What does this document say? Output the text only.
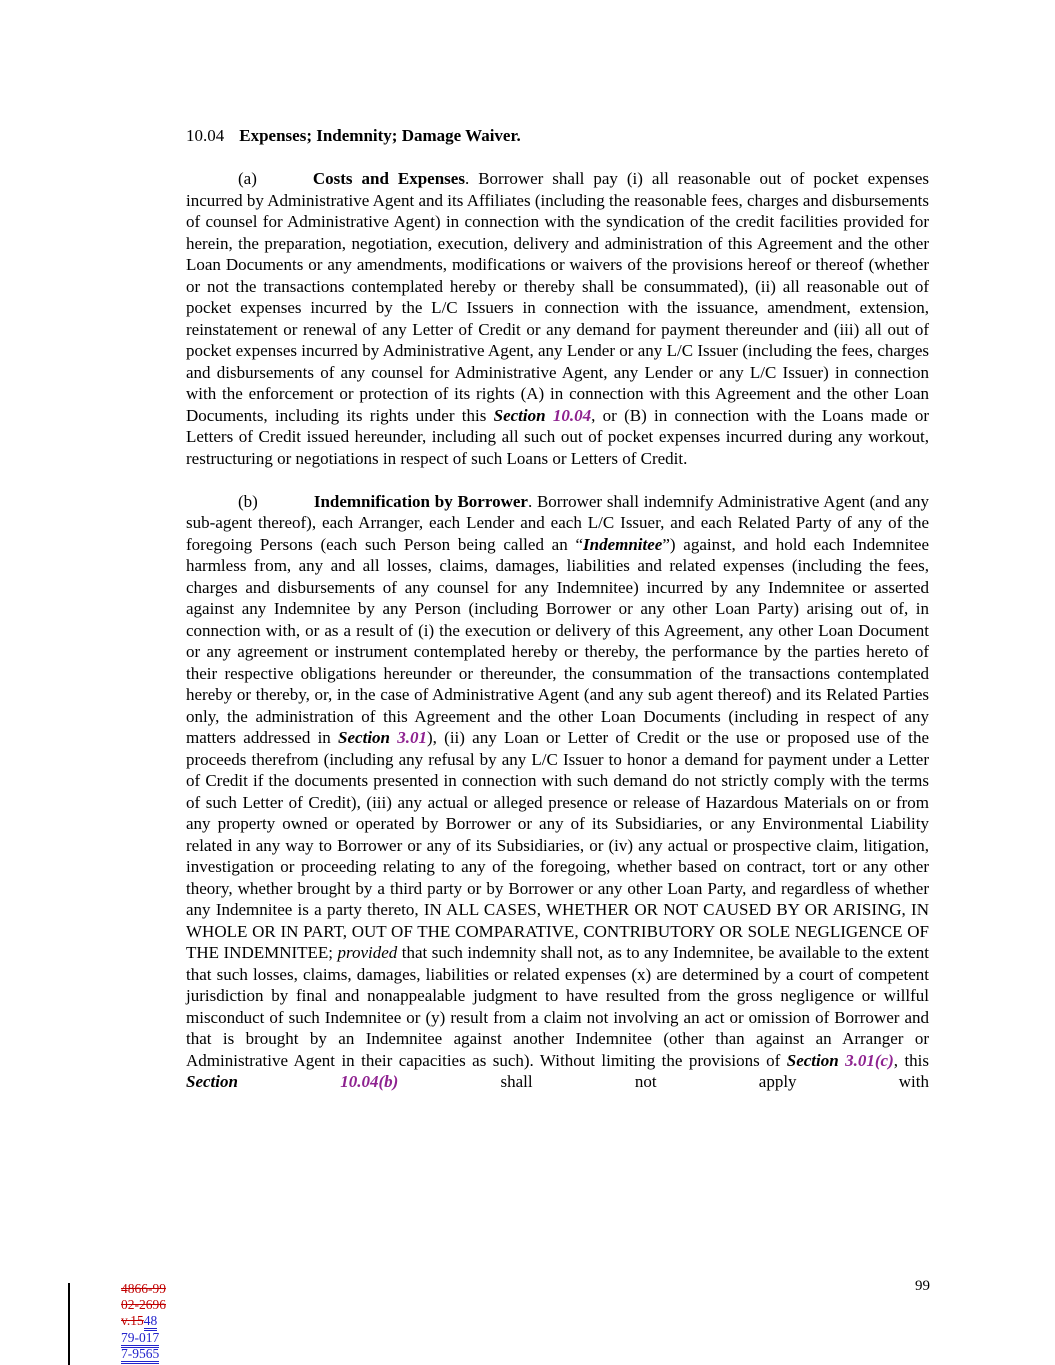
10.04 Expenses; Indemnity; Damage Waiver.

(a)	Costs and Expenses. Borrower shall pay (i) all reasonable out of pocket expenses incurred by Administrative Agent and its Affiliates (including the reasonable fees, charges and disbursements of counsel for Administrative Agent) in connection with the syndication of the credit facilities provided for herein, the preparation, negotiation, execution, delivery and administration of this Agreement and the other Loan Documents or any amendments, modifications or waivers of the provisions hereof or thereof (whether or not the transactions contemplated hereby or thereby shall be consummated), (ii) all reasonable out of pocket expenses incurred by the L/C Issuers in connection with the issuance, amendment, extension, reinstatement or renewal of any Letter of Credit or any demand for payment thereunder and (iii) all out of pocket expenses incurred by Administrative Agent, any Lender or any L/C Issuer (including the fees, charges and disbursements of any counsel for Administrative Agent, any Lender or any L/C Issuer) in connection with the enforcement or protection of its rights (A) in connection with this Agreement and the other Loan Documents, including its rights under this Section 10.04, or (B) in connection with the Loans made or Letters of Credit issued hereunder, including all such out of pocket expenses incurred during any workout, restructuring or negotiations in respect of such Loans or Letters of Credit.

(b)	Indemnification by Borrower. Borrower shall indemnify Administrative Agent (and any sub-agent thereof), each Arranger, each Lender and each L/C Issuer, and each Related Party of any of the foregoing Persons (each such Person being called an “Indemnitee”) against, and hold each Indemnitee harmless from, any and all losses, claims, damages, liabilities and related expenses (including the fees, charges and disbursements of any counsel for any Indemnitee) incurred by any Indemnitee or asserted against any Indemnitee by any Person (including Borrower or any other Loan Party) arising out of, in connection with, or as a result of (i) the execution or delivery of this Agreement, any other Loan Document or any agreement or instrument contemplated hereby or thereby, the performance by the parties hereto of their respective obligations hereunder or thereunder, the consummation of the transactions contemplated hereby or thereby, or, in the case of Administrative Agent (and any sub agent thereof) and its Related Parties only, the administration of this Agreement and the other Loan Documents (including in respect of any matters addressed in Section 3.01), (ii) any Loan or Letter of Credit or the use or proposed use of the proceeds therefrom (including any refusal by any L/C Issuer to honor a demand for payment under a Letter of Credit if the documents presented in connection with such demand do not strictly comply with the terms of such Letter of Credit), (iii) any actual or alleged presence or release of Hazardous Materials on or from any property owned or operated by Borrower or any of its Subsidiaries, or any Environmental Liability related in any way to Borrower or any of its Subsidiaries, or (iv) any actual or prospective claim, litigation, investigation or proceeding relating to any of the foregoing, whether based on contract, tort or any other theory, whether brought by a third party or by Borrower or any other Loan Party, and regardless of whether any Indemnitee is a party thereto, IN ALL CASES, WHETHER OR NOT CAUSED BY OR ARISING, IN WHOLE OR IN PART, OUT OF THE COMPARATIVE, CONTRIBUTORY OR SOLE NEGLIGENCE OF THE INDEMNITEE; provided that such indemnity shall not, as to any Indemnitee, be available to the extent that such losses, claims, damages, liabilities or related expenses (x) are determined by a court of competent jurisdiction by final and nonappealable judgment to have resulted from the gross negligence or willful misconduct of such Indemnitee or (y) result from a claim not involving an act or omission of Borrower and that is brought by an Indemnitee against another Indemnitee (other than against an Arranger or Administrative Agent in their capacities as such). Without limiting the provisions of Section 3.01(c), this Section 10.04(b) shall not apply with

4866-99
02-2696
v.1548
79-017
7-9565
99
